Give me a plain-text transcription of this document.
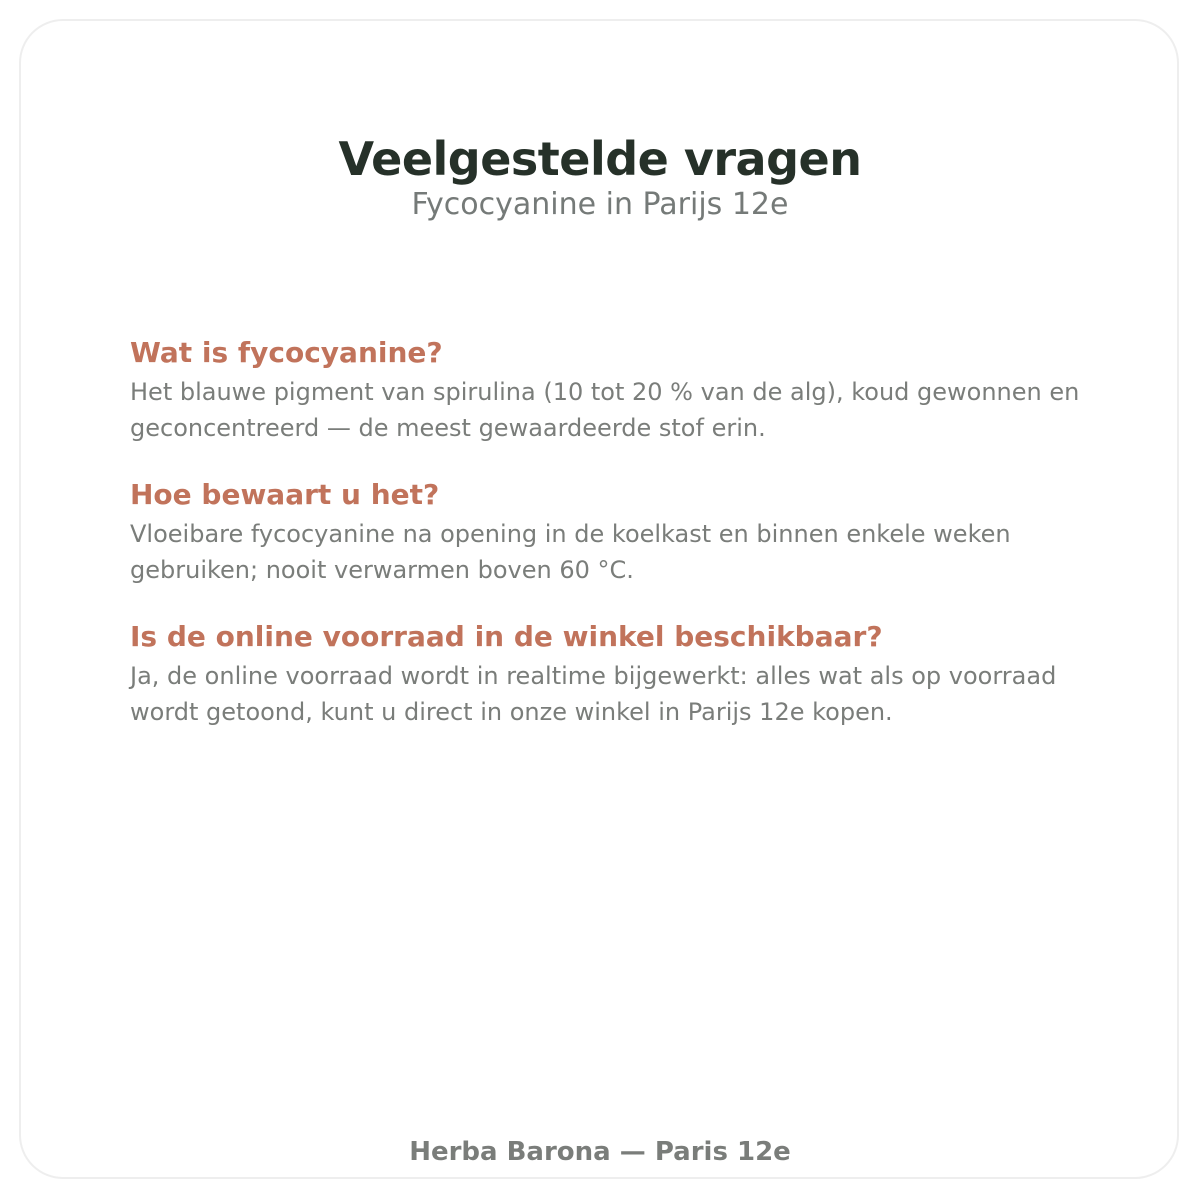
Veelgestelde vragen
Fycocyanine in Parijs 12e
Wat is fycocyanine?

Het blauwe pigment van spirulina (10 tot 20 % van de alg), koud gewonnen en geconcentreerd — de meest gewaardeerde stof erin.

Hoe bewaart u het?

Vloeibare fycocyanine na opening in de koelkast en binnen enkele weken gebruiken; nooit verwarmen boven 60 °C.

Is de online voorraad in de winkel beschikbaar?

Ja, de online voorraad wordt in realtime bijgewerkt: alles wat als op voorraad wordt getoond, kunt u direct in onze winkel in Parijs 12e kopen.

Herba Barona — Paris 12e
